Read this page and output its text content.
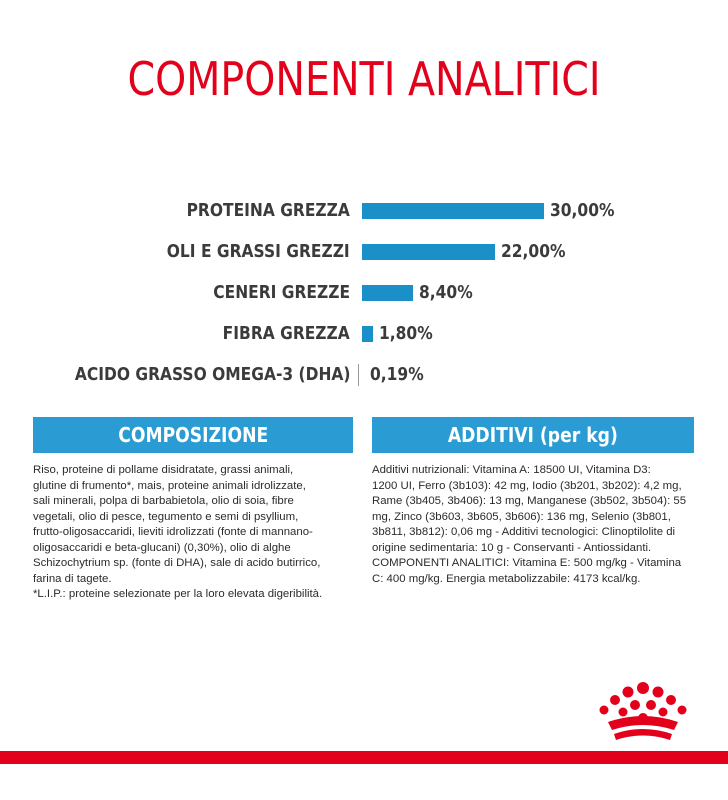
COMPONENTI ANALITICI
PROTEINA GREZZA	30,00%
OLI E GRASSI GREZZI	22,00%
CENERI GREZZE	8,40%
FIBRA GREZZA 1,80%
ACIDO GRASSO OMEGA-3 (DHA) 0,19%
COMPOSIZIONE
Riso, proteine di pollame disidratate, grassi animali,
glutine di frumento*, mais, proteine animali idrolizzate,
sali minerali, polpa di barbabietola, olio di soia, fibre
vegetali, olio di pesce, tegumento e semi di psyllium,
frutto-oligosaccaridi, lieviti idrolizzati (fonte di mannano-
oligosaccaridi e beta-glucani) (0,30%), olio di alghe
Schizochytrium sp. (fonte di DHA), sale di acido butirrico,
farina di tagete.
*L.I.P.: proteine selezionate per la loro elevata digeribilità.
ADDITIVI (per kg)
Additivi nutrizionali: Vitamina A: 18500 UI, Vitamina D3:
1200 UI, Ferro (3b103): 42 mg, Iodio (3b201, 3b202): 4,2 mg,
Rame (3b405, 3b406): 13 mg, Manganese (3b502, 3b504): 55
mg, Zinco (3b603, 3b605, 3b606): 136 mg, Selenio (3b801,
3b811, 3b812): 0,06 mg - Additivi tecnologici: Clinoptilolite di
origine sedimentaria: 10 g - Conservanti - Antiossidanti.
COMPONENTI ANALITICI: Vitamina E: 500 mg/kg - Vitamina
C: 400 mg/kg. Energia metabolizzabile: 4173 kcal/kg.
